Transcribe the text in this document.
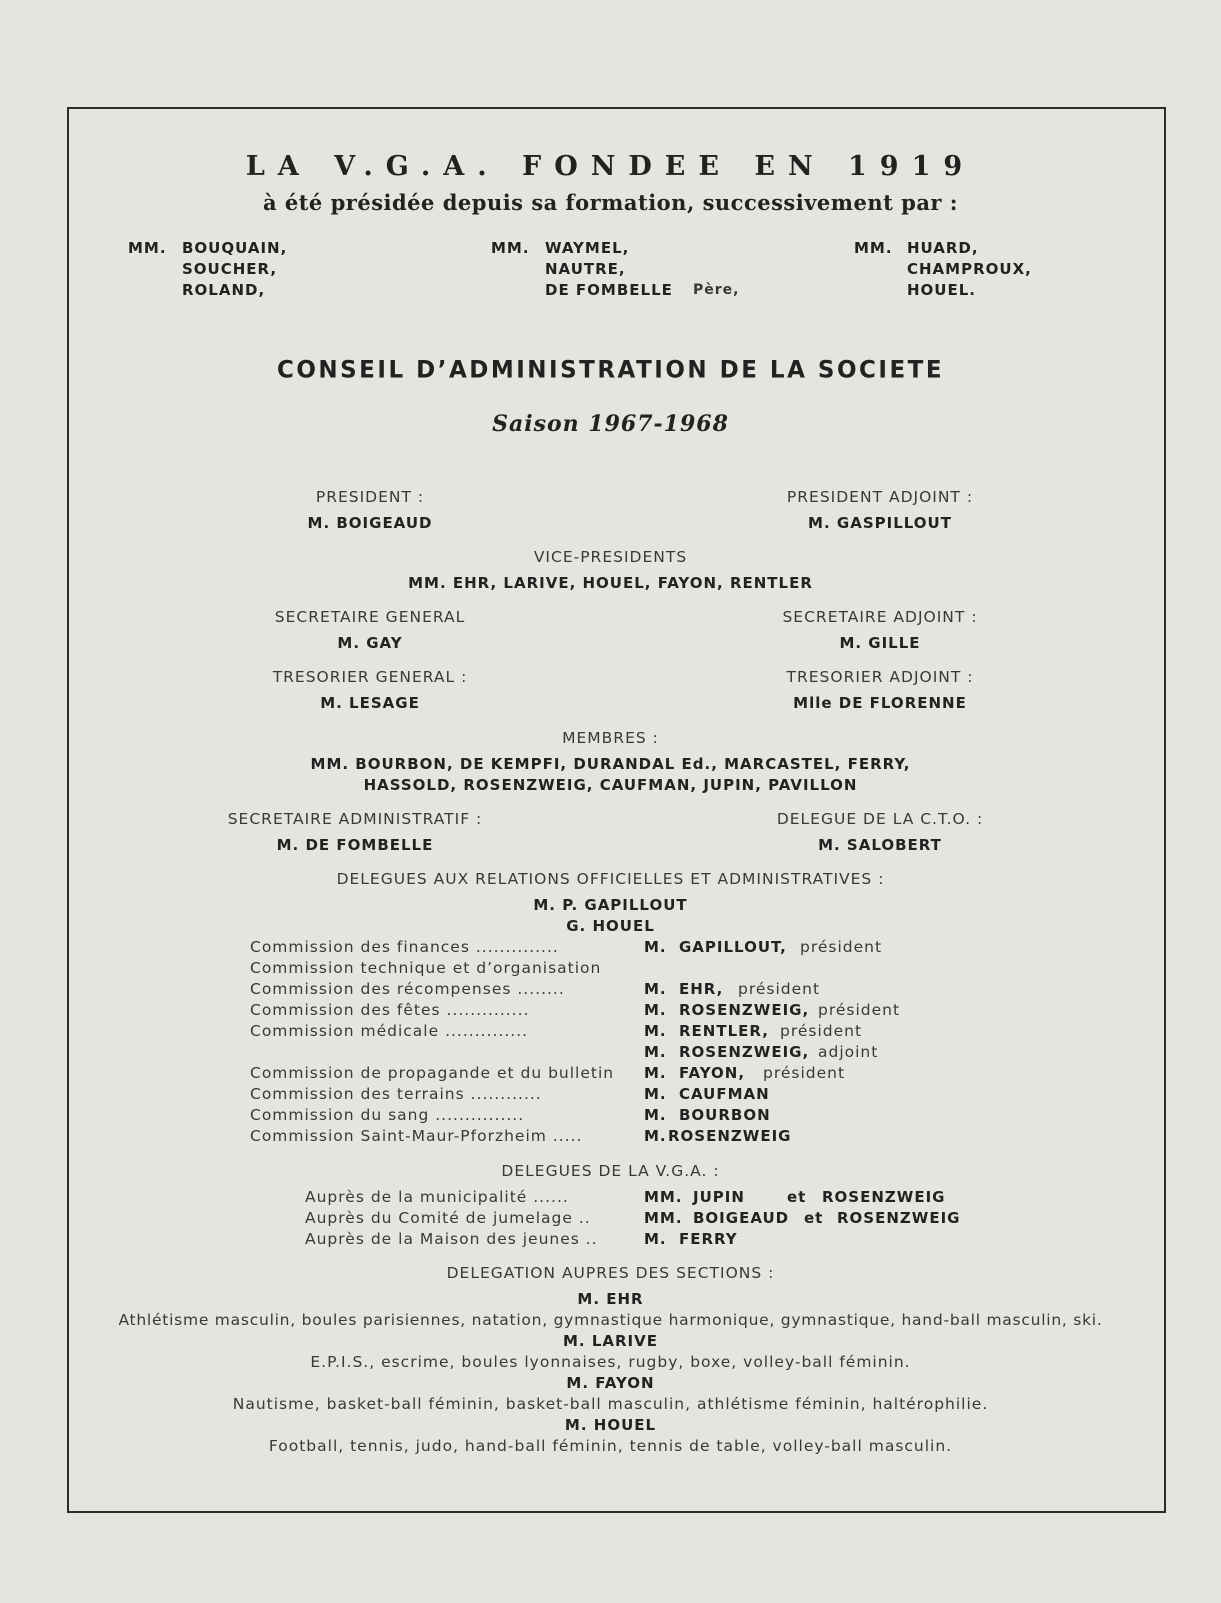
LA V.G.A. FONDEE EN 1919
à été présidée depuis sa formation, successivement par :
MM. BOUQUAIN,
SOUCHER,
ROLAND,
MM. WAYMEL,
NAUTRE,
DE FOMBELLE Père,
MM. HUARD,
CHAMPROUX,
HOUEL.
CONSEIL D’ADMINISTRATION DE LA SOCIETE
Saison 1967-1968
PRESIDENT :
M. BOIGEAUD
PRESIDENT ADJOINT :
M. GASPILLOUT
VICE-PRESIDENTS
MM. EHR, LARIVE, HOUEL, FAYON, RENTLER
SECRETAIRE GENERAL
M. GAY
SECRETAIRE ADJOINT :
M. GILLE
TRESORIER GENERAL :
M. LESAGE
TRESORIER ADJOINT :
Mlle DE FLORENNE
MEMBRES :
MM. BOURBON, DE KEMPFI, DURANDAL Ed., MARCASTEL, FERRY,
HASSOLD, ROSENZWEIG, CAUFMAN, JUPIN, PAVILLON
SECRETAIRE ADMINISTRATIF :
M. DE FOMBELLE
DELEGUE DE LA C.T.O. :
M. SALOBERT
DELEGUES AUX RELATIONS OFFICIELLES ET ADMINISTRATIVES :
M. P. GAPILLOUT
G. HOUEL
Commission des finances ..............	M. GAPILLOUT, président
Commission technique et d’organisation
Commission des récompenses ........	M. EHR, président
Commission des fêtes ..............	M. ROSENZWEIG, président
Commission médicale ..............	M. RENTLER, président
M. ROSENZWEIG, adjoint
Commission de propagande et du bulletin M. FAYON, président
Commission des terrains ............	M. CAUFMAN
Commission du sang ...............	M. BOURBON
Commission Saint-Maur-Pforzheim .....	M. ROSENZWEIG
DELEGUES DE LA V.G.A. :
Auprès de la municipalité ......	MM. JUPIN	et ROSENZWEIG
Auprès du Comité de jumelage ..	MM. BOIGEAUD et ROSENZWEIG
Auprès de la Maison des jeunes ..	M. FERRY
DELEGATION AUPRES DES SECTIONS :
M. EHR
Athlétisme masculin, boules parisiennes, natation, gymnastique harmonique, gymnastique, hand-ball masculin, ski.
M. LARIVE
E.P.I.S., escrime, boules lyonnaises, rugby, boxe, volley-ball féminin.
M. FAYON
Nautisme, basket-ball féminin, basket-ball masculin, athlétisme féminin, haltérophilie.
M. HOUEL
Football, tennis, judo, hand-ball féminin, tennis de table, volley-ball masculin.
